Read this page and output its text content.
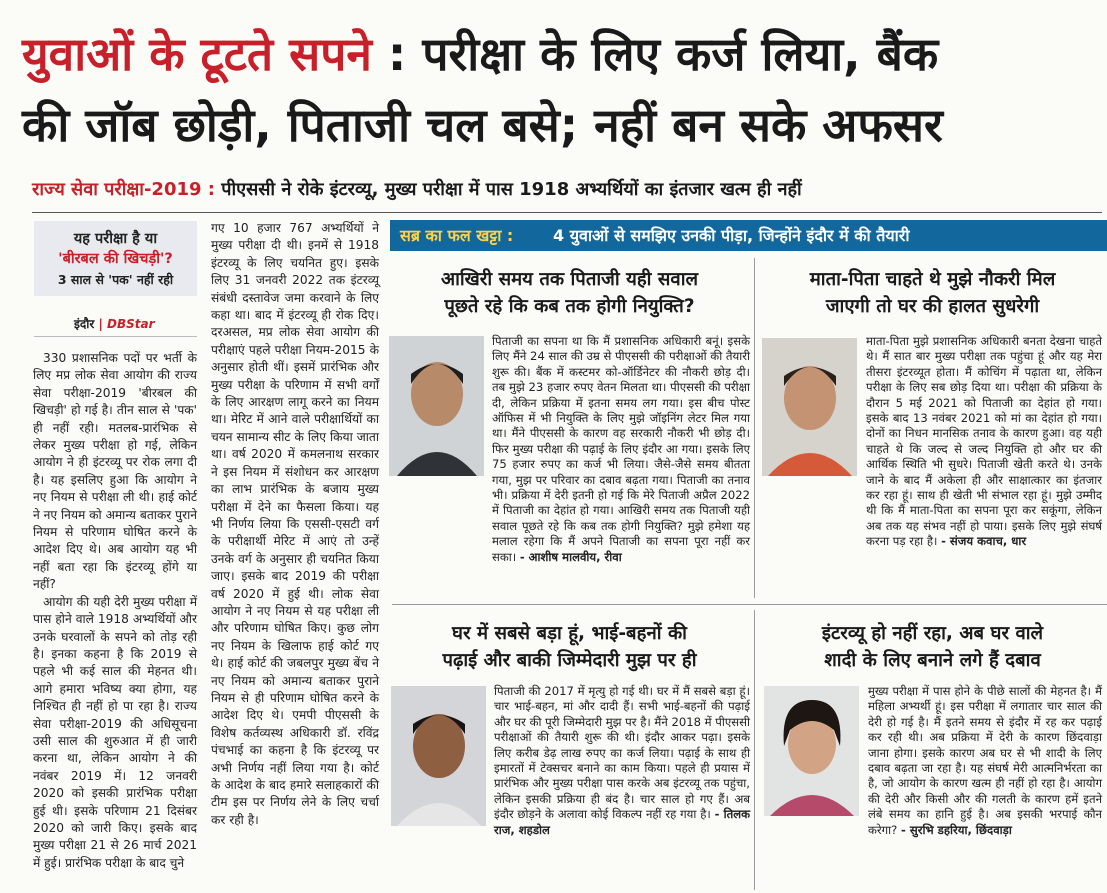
युवाओं के टूटते सपने : परीक्षा के लिए कर्ज लिया, बैंक
की जॉब छोड़ी, पिताजी चल बसे; नहीं बन सके अफसर
राज्य सेवा परीक्षा-2019 : पीएससी ने रोके इंटरव्यू, मुख्य परीक्षा में पास 1918 अभ्यर्थियों का इंतजार खत्म ही नहीं
यह परीक्षा है या
'बीरबल की खिचड़ी'?
3 साल से 'पक' नहीं रही
इंदौर | DBStar

330 प्रशासनिक पदों पर भर्ती के लिए मप्र लोक सेवा आयोग की राज्य सेवा परीक्षा-2019 'बीरबल की खिचड़ी' हो गई है। तीन साल से 'पक' ही नहीं रही। मतलब-प्रारंभिक से लेकर मुख्य परीक्षा हो गई, लेकिन आयोग ने ही इंटरव्यू पर रोक लगा दी है। यह इसलिए हुआ कि आयोग ने नए नियम से परीक्षा ली थी। हाई कोर्ट ने नए नियम को अमान्य बताकर पुराने नियम से परिणाम घोषित करने के आदेश दिए थे। अब आयोग यह भी नहीं बता रहा कि इंटरव्यू होंगे या नहीं?

आयोग की यही देरी मुख्य परीक्षा में पास होने वाले 1918 अभ्यर्थियों और उनके घरवालों के सपने को तोड़ रही है। इनका कहना है कि 2019 से पहले भी कई साल की मेहनत थी। आगे हमारा भविष्य क्या होगा, यह निश्चित ही नहीं हो पा रहा है। राज्य सेवा परीक्षा-2019 की अधिसूचना उसी साल की शुरुआत में ही जारी करना था, लेकिन आयोग ने की नवंबर 2019 में। 12 जनवरी 2020 को इसकी प्रारंभिक परीक्षा हुई थी। इसके परिणाम 21 दिसंबर 2020 को जारी किए। इसके बाद मुख्य परीक्षा 21 से 26 मार्च 2021 में हुई। प्रारंभिक परीक्षा के बाद चुने

गए 10 हजार 767 अभ्यर्थियों ने मुख्य परीक्षा दी थी। इनमें से 1918 इंटरव्यू के लिए चयनित हुए। इसके लिए 31 जनवरी 2022 तक इंटरव्यू संबंधी दस्तावेज जमा करवाने के लिए कहा था। बाद में इंटरव्यू ही रोक दिए। दरअसल, मप्र लोक सेवा आयोग की परीक्षाएं पहले परीक्षा नियम-2015 के अनुसार होती थीं। इसमें प्रारंभिक और मुख्य परीक्षा के परिणाम में सभी वर्गों के लिए आरक्षण लागू करने का नियम था। मेरिट में आने वाले परीक्षार्थियों का चयन सामान्य सीट के लिए किया जाता था। वर्ष 2020 में कमलनाथ सरकार ने इस नियम में संशोधन कर आरक्षण का लाभ प्रारंभिक के बजाय मुख्य परीक्षा में देने का फैसला किया। यह भी निर्णय लिया कि एससी-एसटी वर्ग के परीक्षार्थी मेरिट में आएं तो उन्हें उनके वर्ग के अनुसार ही चयनित किया जाए। इसके बाद 2019 की परीक्षा वर्ष 2020 में हुई थी। लोक सेवा आयोग ने नए नियम से यह परीक्षा ली और परिणाम घोषित किए। कुछ लोग नए नियम के खिलाफ हाई कोर्ट गए थे। हाई कोर्ट की जबलपुर मुख्य बेंच ने नए नियम को अमान्य बताकर पुराने नियम से ही परिणाम घोषित करने के आदेश दिए थे। एमपी पीएससी के विशेष कर्तव्यस्थ अधिकारी डॉ. रविंद्र पंचभाई का कहना है कि इंटरव्यू पर अभी निर्णय नहीं लिया गया है। कोर्ट के आदेश के बाद हमारे सलाहकारों की टीम इस पर निर्णय लेने के लिए चर्चा कर रही है।

सब्र का फल खट्टा : 4 युवाओं से समझिए उनकी पीड़ा, जिन्होंने इंदौर में की तैयारी
आखिरी समय तक पिताजी यही सवाल
पूछते रहे कि कब तक होगी नियुक्ति?
पिताजी का सपना था कि मैं प्रशासनिक अधिकारी बनूं। इसके लिए मैंने 24 साल की उम्र से पीएससी की परीक्षाओं की तैयारी शुरू की। बैंक में कस्टमर को-ऑर्डिनेटर की नौकरी छोड़ दी। तब मुझे 23 हजार रुपए वेतन मिलता था। पीएससी की परीक्षा दी, लेकिन प्रक्रिया में इतना समय लग गया। इस बीच पोस्ट ऑफिस में भी नियुक्ति के लिए मुझे जॉइनिंग लेटर मिल गया था। मैंने पीएससी के कारण वह सरकारी नौकरी भी छोड़ दी। फिर मुख्य परीक्षा की पढ़ाई के लिए इंदौर आ गया। इसके लिए 75 हजार रुपए का कर्ज भी लिया। जैसे-जैसे समय बीतता गया, मुझ पर परिवार का दबाव बढ़ता गया। पिताजी का तनाव भी। प्रक्रिया में देरी इतनी हो गई कि मेरे पिताजी अप्रैल 2022 में पिताजी का देहांत हो गया। आखिरी समय तक पिताजी यही सवाल पूछते रहे कि कब तक होगी नियुक्ति? मुझे हमेशा यह मलाल रहेगा कि मैं अपने पिताजी का सपना पूरा नहीं कर सका। - आशीष मालवीय, रीवा
माता-पिता चाहते थे मुझे नौकरी मिल
जाएगी तो घर की हालत सुधरेगी
माता-पिता मुझे प्रशासनिक अधिकारी बनता देखना चाहते थे। मैं सात बार मुख्य परीक्षा तक पहुंचा हूं और यह मेरा तीसरा इंटरव्यूत होता। मैं कोचिंग में पढ़ाता था, लेकिन परीक्षा के लिए सब छोड़ दिया था। परीक्षा की प्रक्रिया के दौरान 5 मई 2021 को पिताजी का देहांत हो गया। इसके बाद 13 नवंबर 2021 को मां का देहांत हो गया। दोनों का निधन मानसिक तनाव के कारण हुआ। वह यही चाहते थे कि जल्द से जल्द नियुक्ति हो और घर की आर्थिक स्थिति भी सुधरे। पिताजी खेती करते थे। उनके जाने के बाद मैं अकेला ही और साक्षात्कार का इंतजार कर रहा हूं। साथ ही खेती भी संभाल रहा हूं। मुझे उम्मीद थी कि मैं माता-पिता का सपना पूरा कर सकूंगा, लेकिन अब तक यह संभव नहीं हो पाया। इसके लिए मुझे संघर्ष करना पड़ रहा है। - संजय कवाच, धार
घर में सबसे बड़ा हूं, भाई-बहनों की
पढ़ाई और बाकी जिम्मेदारी मुझ पर ही
पिताजी की 2017 में मृत्यु हो गई थी। घर में मैं सबसे बड़ा हूं। चार भाई-बहन, मां और दादी हैं। सभी भाई-बहनों की पढ़ाई और घर की पूरी जिम्मेदारी मुझ पर है। मैंने 2018 में पीएससी परीक्षाओं की तैयारी शुरू की थी। इंदौर आकर पढ़ा। इसके लिए करीब डेढ़ लाख रुपए का कर्ज लिया। पढ़ाई के साथ ही इमारतों में टेक्सचर बनाने का काम किया। पहले ही प्रयास में प्रारंभिक और मुख्य परीक्षा पास करके अब इंटरव्यू तक पहुंचा, लेकिन इसकी प्रक्रिया ही बंद है। चार साल हो गए हैं। अब इंदौर छोड़ने के अलावा कोई विकल्प नहीं रह गया है। - तिलक राज, शहडोल
इंटरव्यू हो नहीं रहा, अब घर वाले
शादी के लिए बनाने लगे हैं दबाव
मुख्य परीक्षा में पास होने के पीछे सालों की मेहनत है। मैं महिला अभ्यर्थी हूं। इस परीक्षा में लगातार चार साल की देरी हो गई है। मैं इतने समय से इंदौर में रह कर पढ़ाई कर रही थी। अब प्रक्रिया में देरी के कारण छिंदवाड़ा जाना होगा। इसके कारण अब घर से भी शादी के लिए दबाव बढ़ता जा रहा है। यह संघर्ष मेरी आत्मनिर्भरता का है, जो आयोग के कारण खत्म ही नहीं हो रहा है। आयोग की देरी और किसी और की गलती के कारण हमें इतने लंबे समय का हानि हुई है। अब इसकी भरपाई कौन करेगा? - सुरभि डहरिया, छिंदवाड़ा
